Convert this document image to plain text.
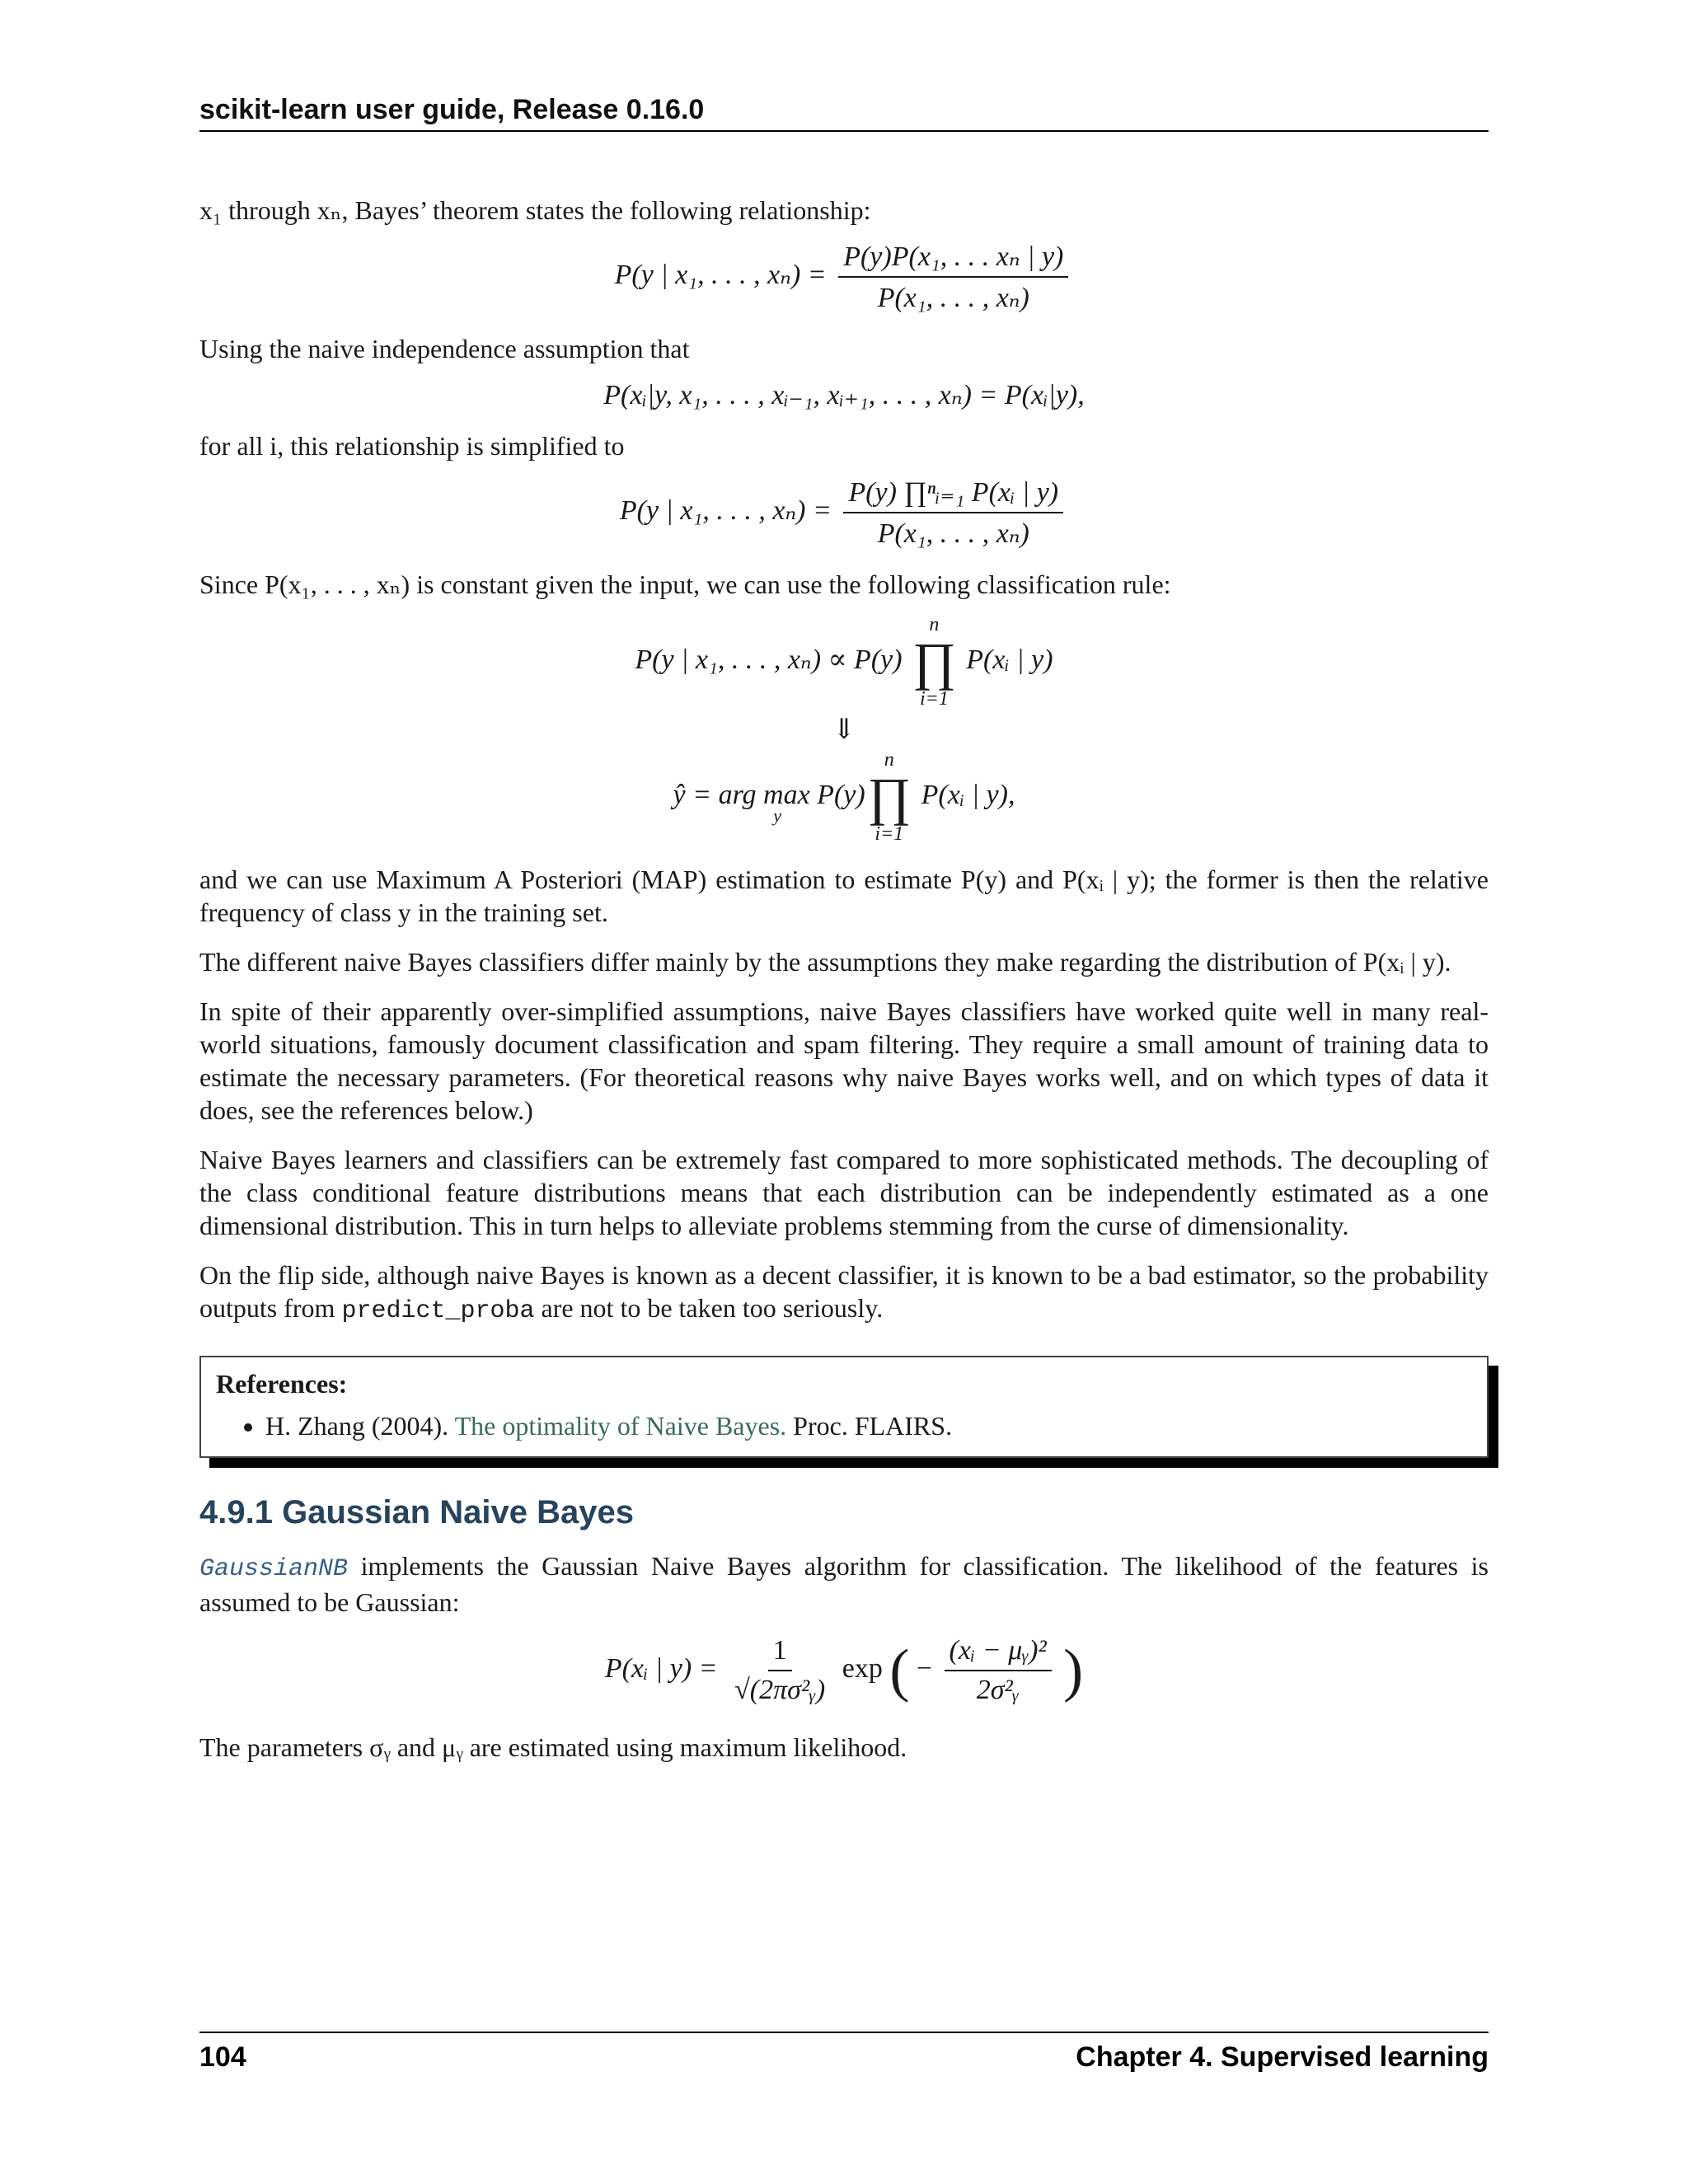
scikit-learn user guide, Release 0.16.0

x₁ through xₙ, Bayes’ theorem states the following relationship:

P(y | x₁, . . . , $x_n) = \frac{\text{P(y)P(x₁, . . . xₙ | y)}}{\text{P(x₁, . . . , xₙ)}}$

Using the naive independence assumption that

P(xᵢ|y, x₁, . . . , xᵢ₋₁, xᵢ₊₁, . . . , xₙ) = P(xᵢ|y),

for all i, this relationship is simplified to

P(y | x₁, . . . , $x_n) = \frac{\text{P(y) ∏ⁿᵢ₌₁ P(xᵢ | y)}}{\text{P(x₁, . . . , xₙ)}}$

Since P(x₁, . . . , xₙ) is constant given the input, we can use the following classification rule:

P(y | x₁, . . . , xₙ) ∝ P(y)
n
∏
i=1
P(xᵢ | y)
⇓
ŷ = arg max P(y) $_y$
n
∏
i=1
P(xᵢ | y),

and we can use Maximum A Posteriori (MAP) estimation to estimate P(y) and P(xᵢ | y); the former is then the relative frequency of class y in the training set.

The different naive Bayes classifiers differ mainly by the assumptions they make regarding the distribution of P(xᵢ | y).

In spite of their apparently over-simplified assumptions, naive Bayes classifiers have worked quite well in many real-world situations, famously document classification and spam filtering. They require a small amount of training data to estimate the necessary parameters. (For theoretical reasons why naive Bayes works well, and on which types of data it does, see the references below.)

Naive Bayes learners and classifiers can be extremely fast compared to more sophisticated methods. The decoupling of the class conditional feature distributions means that each distribution can be independently estimated as a one dimensional distribution. This in turn helps to alleviate problems stemming from the curse of dimensionality.

On the flip side, although naive Bayes is known as a decent classifier, it is known to be a bad estimator, so the probability outputs from predict_proba are not to be taken too seriously.

References:
• H. Zhang (2004). The optimality of Naive Bayes. Proc. FLAIRS.
4.9.1 Gaussian Naive Bayes

GaussianNB implements the Gaussian Naive Bayes algorithm for classification. The likelihood of the features is assumed to be Gaussian:

P(xᵢ | $y) = \frac{1}{\text{√(2πσ²ᵧ)}}$ exp ( − $\frac{\text{(xᵢ − μᵧ)²}}{\text{2σ²ᵧ}}$ )

The parameters σᵧ and μᵧ are estimated using maximum likelihood.

104	Chapter 4. Supervised learning
